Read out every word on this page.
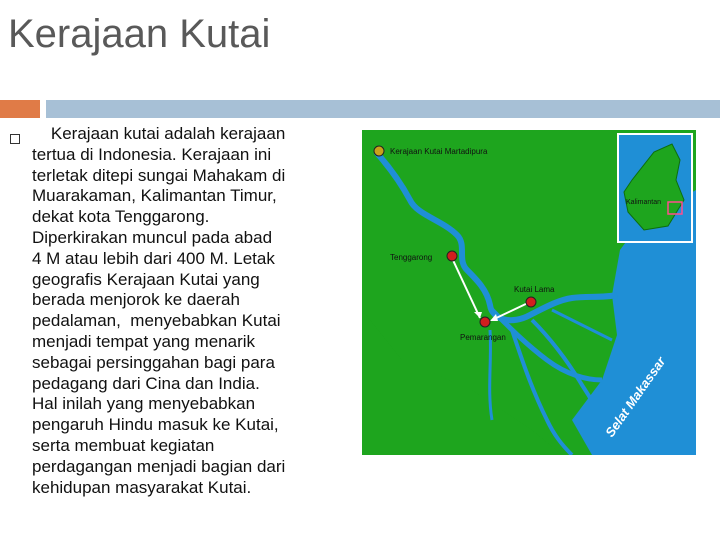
Kerajaan Kutai
Kerajaan kutai adalah kerajaan
tertua di Indonesia. Kerajaan ini
terletak ditepi sungai Mahakam di
Muarakaman, Kalimantan Timur,
dekat kota Tenggarong.
Diperkirakan muncul pada abad
4 M atau lebih dari 400 M. Letak
geografis Kerajaan Kutai yang
berada menjorok ke daerah
pedalaman,  menyebabkan Kutai
menjadi tempat yang menarik
sebagai persinggahan bagi para
pedagang dari Cina dan India.
Hal inilah yang menyebabkan
pengaruh Hindu masuk ke Kutai,
serta membuat kegiatan
perdagangan menjadi bagian dari
kehidupan masyarakat Kutai.
Kalimantan
Kerajaan Kutai Martadipura
Tenggarong
Kutai Lama
Pemarangan
Selat Makassar
